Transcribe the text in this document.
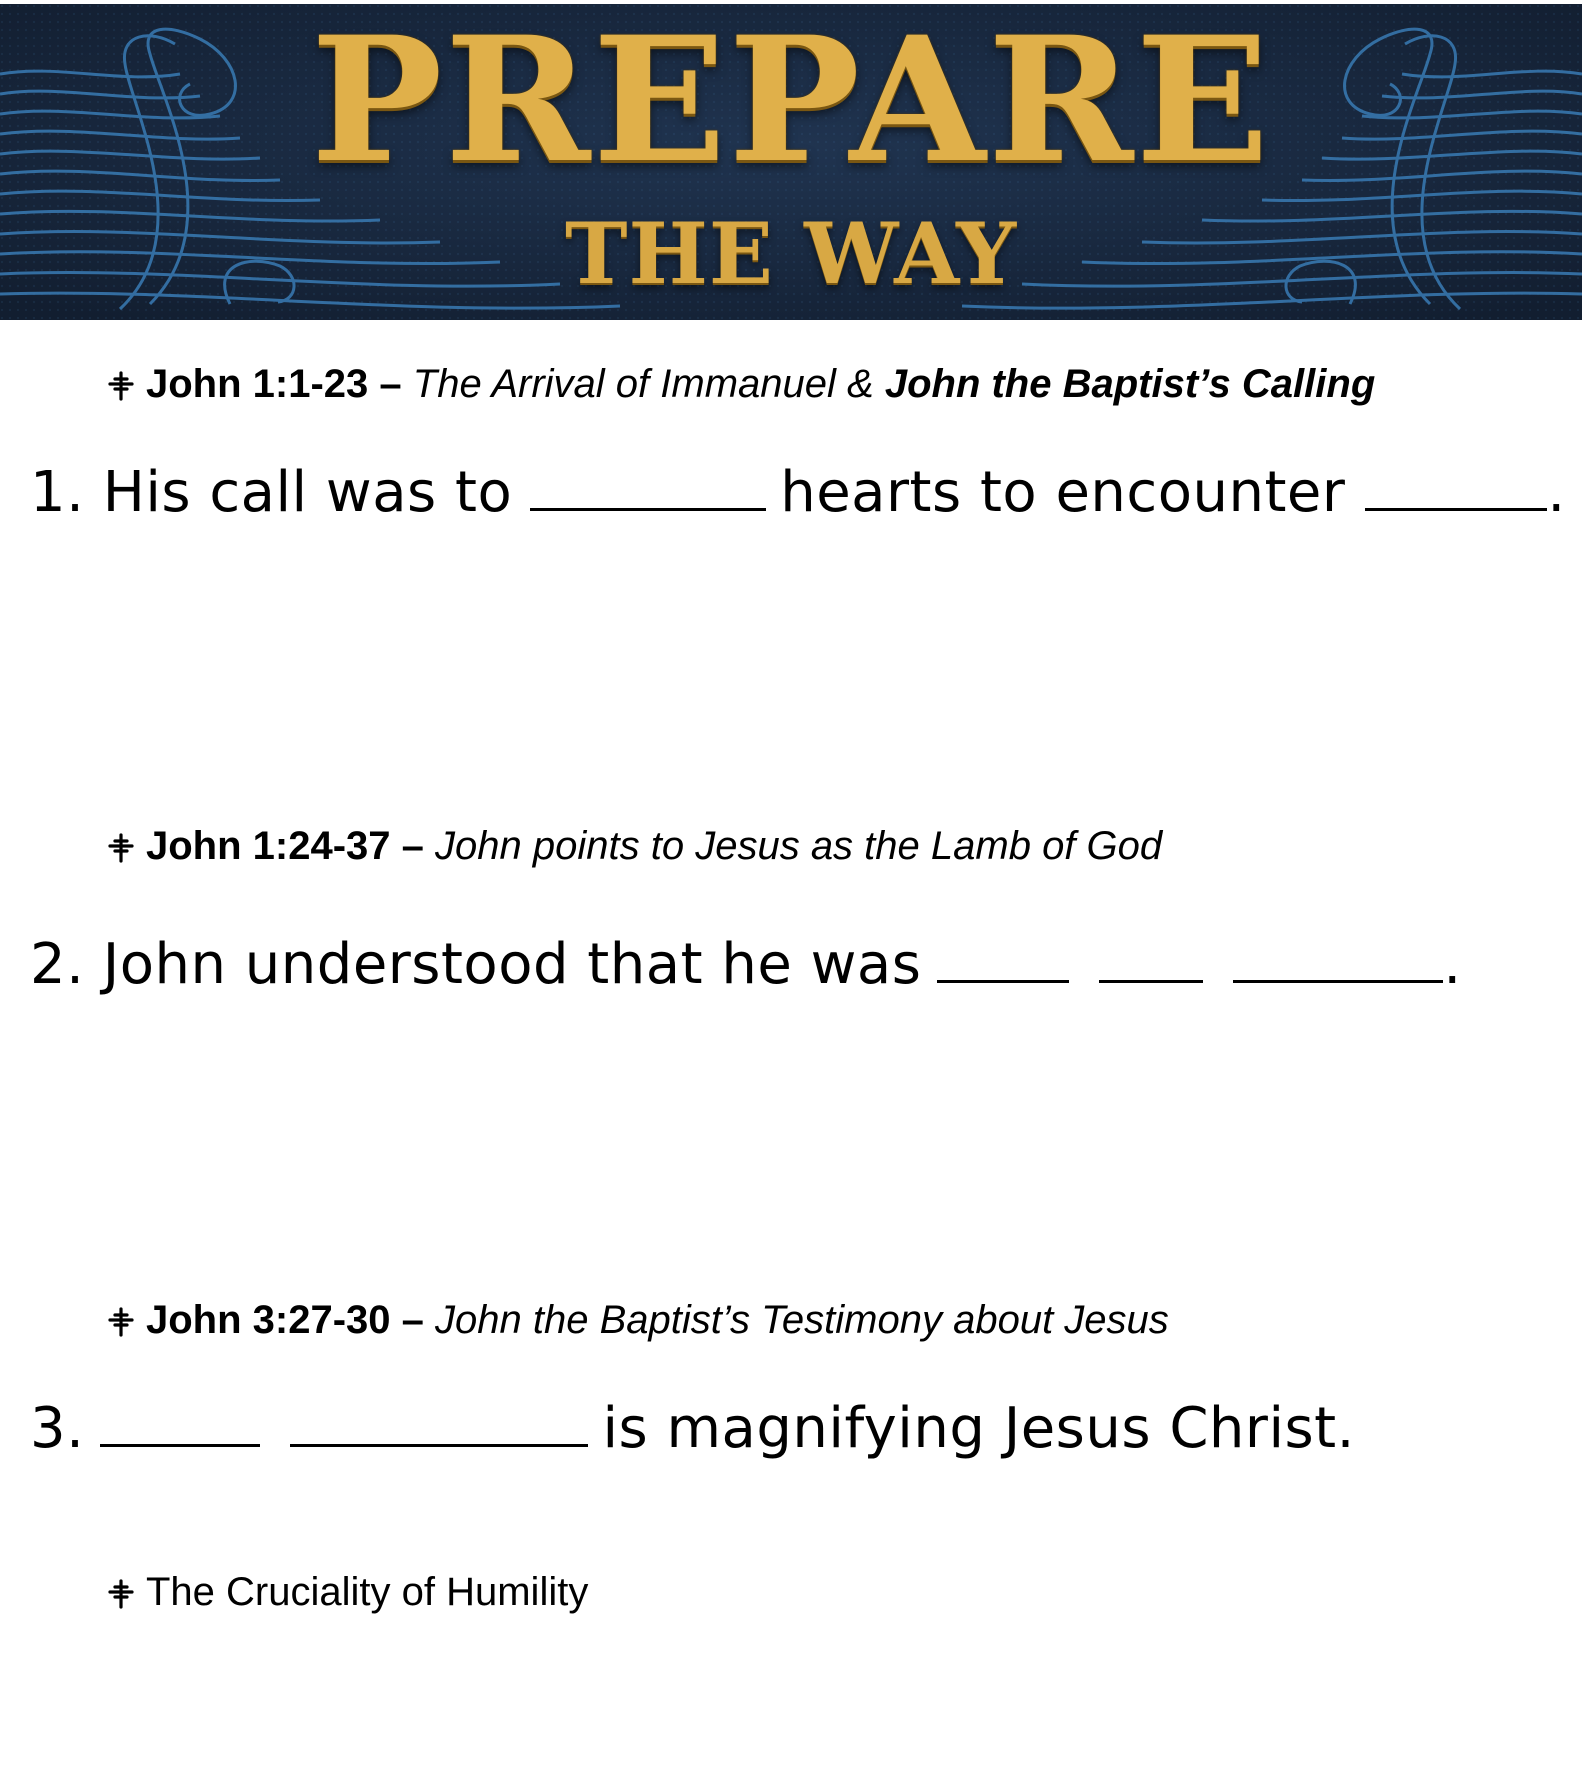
PREPARE
THE WAY
John 1:1-23 – The Arrival of Immanuel & John the Baptist’s Calling
1. His call was to	hearts to encounter	.
John 1:24-37 – John points to Jesus as the Lamb of God
2. John understood that he was	.
John 3:27-30 – John the Baptist’s Testimony about Jesus
3.	is magnifying Jesus Christ.
The Cruciality of Humility
